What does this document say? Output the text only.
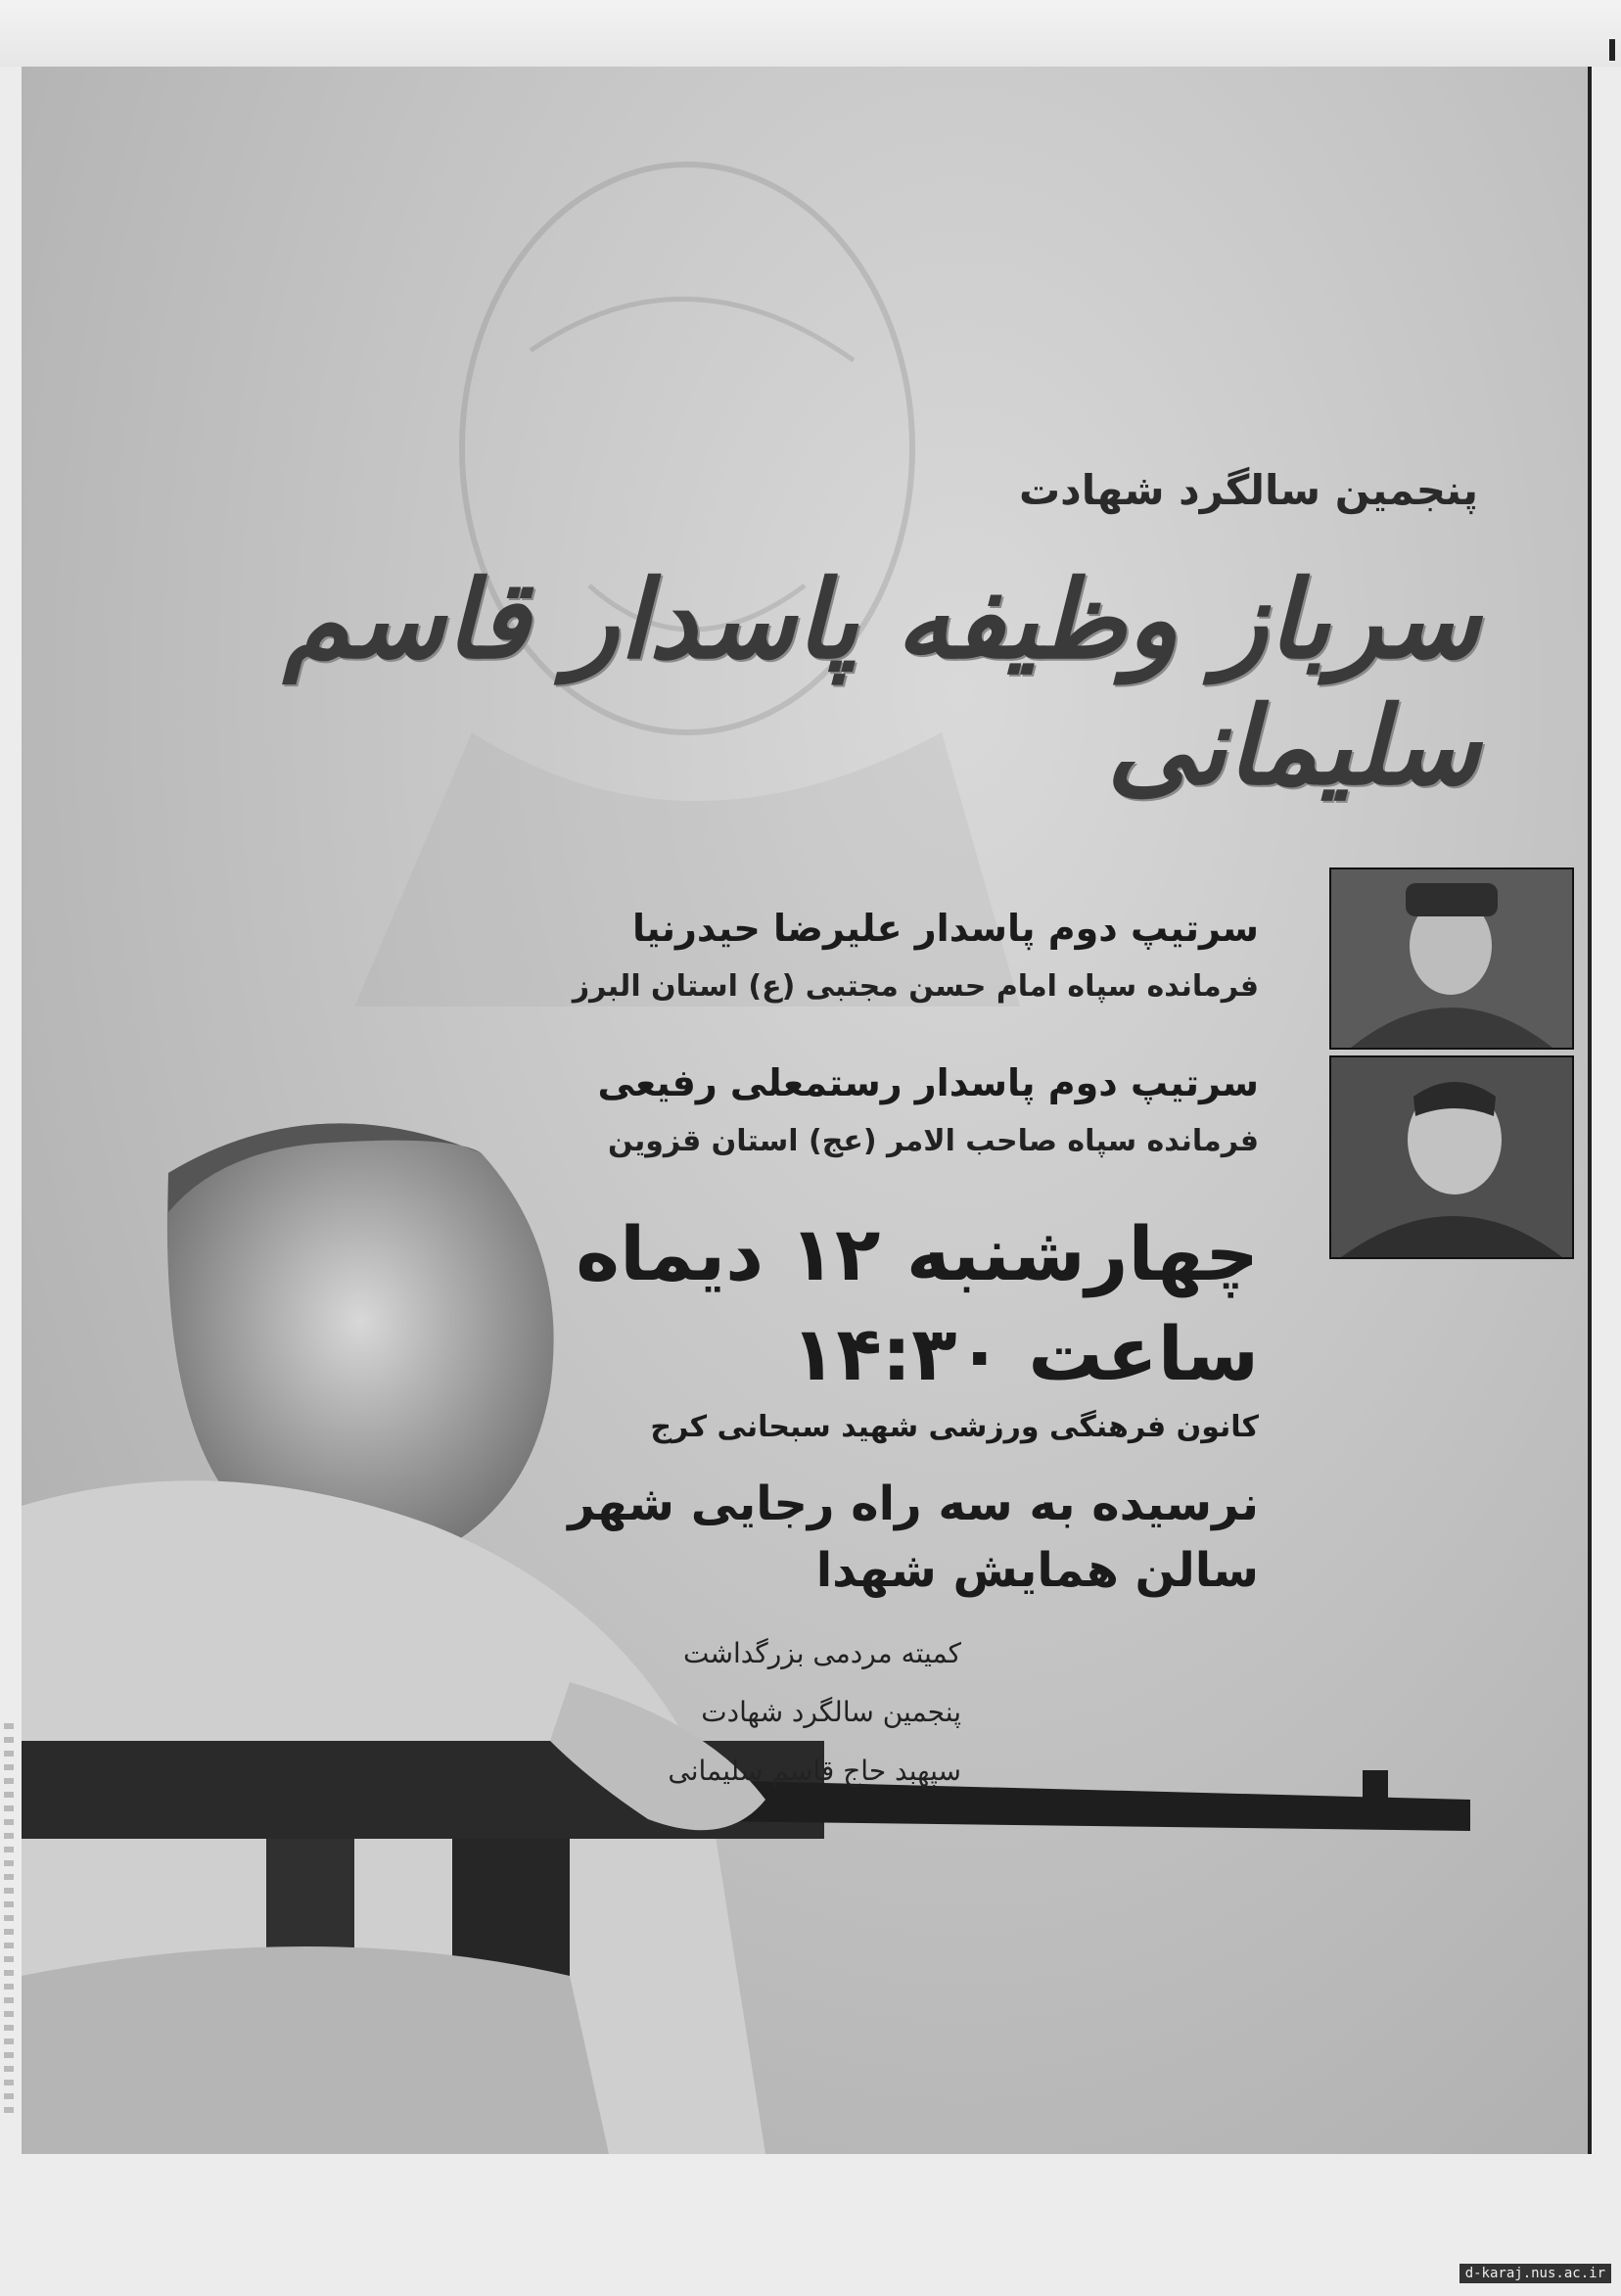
پنجمین سالگرد شهادت
سرباز وظیفه پاسدار قاسم سلیمانی
سرتیپ دوم پاسدار علیرضا حیدرنیا
فرمانده سپاه امام حسن مجتبی (ع) استان البرز
سرتیپ دوم پاسدار رستمعلی رفیعی
فرمانده سپاه صاحب الامر (عج) استان قزوین
چهارشنبه ۱۲ دیماه
ساعت ۱۴:۳۰
کانون فرهنگی ورزشی شهید سبحانی کرج
نرسیده به سه راه رجایی شهر
سالن همایش شهدا
کمیته مردمی بزرگداشت
پنجمین سالگرد شهادت
سپهبد حاج قاسم سلیمانی
d-karaj.nus.ac.ir
